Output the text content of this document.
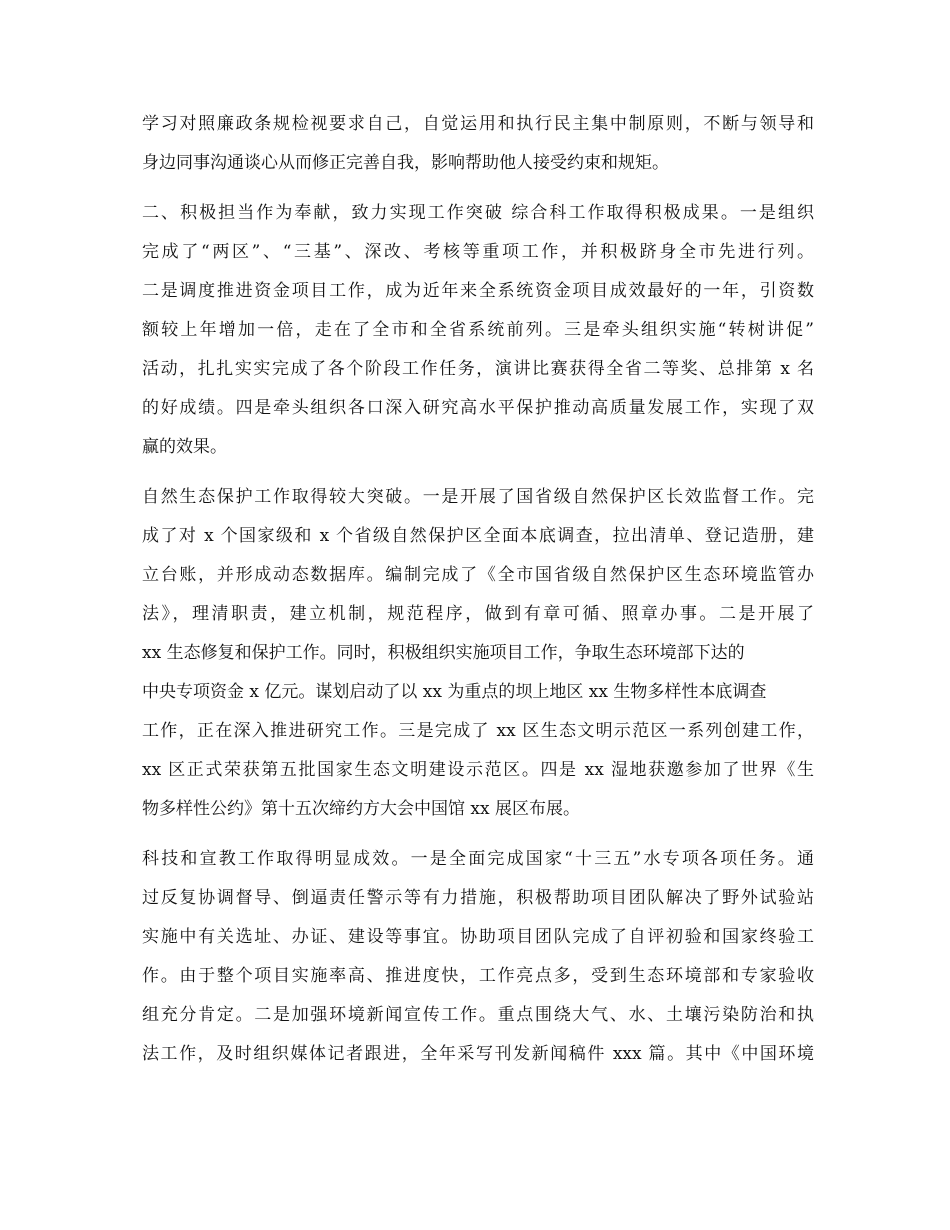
学习对照廉政条规检视要求自己，自觉运用和执行民主集中制原则，不断与领导和
身边同事沟通谈心从而修正完善自我，影响帮助他人接受约束和规矩。
二、积极担当作为奉献，致力实现工作突破 综合科工作取得积极成果。一是组织
完成了“两区”、“三基”、深改、考核等重项工作，并积极跻身全市先进行列。
二是调度推进资金项目工作，成为近年来全系统资金项目成效最好的一年，引资数
额较上年增加一倍，走在了全市和全省系统前列。三是牵头组织实施“转树讲促”
活动，扎扎实实完成了各个阶段工作任务，演讲比赛获得全省二等奖、总排第 x 名
的好成绩。四是牵头组织各口深入研究高水平保护推动高质量发展工作，实现了双
赢的效果。
自然生态保护工作取得较大突破。一是开展了国省级自然保护区长效监督工作。完
成了对 x 个国家级和 x 个省级自然保护区全面本底调查，拉出清单、登记造册，建
立台账，并形成动态数据库。编制完成了《全市国省级自然保护区生态环境监管办
法》，理清职责，建立机制，规范程序，做到有章可循、照章办事。二是开展了
xx 生态修复和保护工作。同时，积极组织实施项目工作，争取生态环境部下达的
中央专项资金 x 亿元。谋划启动了以 xx 为重点的坝上地区 xx 生物多样性本底调查
工作，正在深入推进研究工作。三是完成了 xx 区生态文明示范区一系列创建工作，
xx 区正式荣获第五批国家生态文明建设示范区。四是 xx 湿地获邀参加了世界《生
物多样性公约》第十五次缔约方大会中国馆 xx 展区布展。
科技和宣教工作取得明显成效。一是全面完成国家“十三五”水专项各项任务。通
过反复协调督导、倒逼责任警示等有力措施，积极帮助项目团队解决了野外试验站
实施中有关选址、办证、建设等事宜。协助项目团队完成了自评初验和国家终验工
作。由于整个项目实施率高、推进度快，工作亮点多，受到生态环境部和专家验收
组充分肯定。二是加强环境新闻宣传工作。重点围绕大气、水、土壤污染防治和执
法工作，及时组织媒体记者跟进，全年采写刊发新闻稿件 xxx 篇。其中《中国环境
